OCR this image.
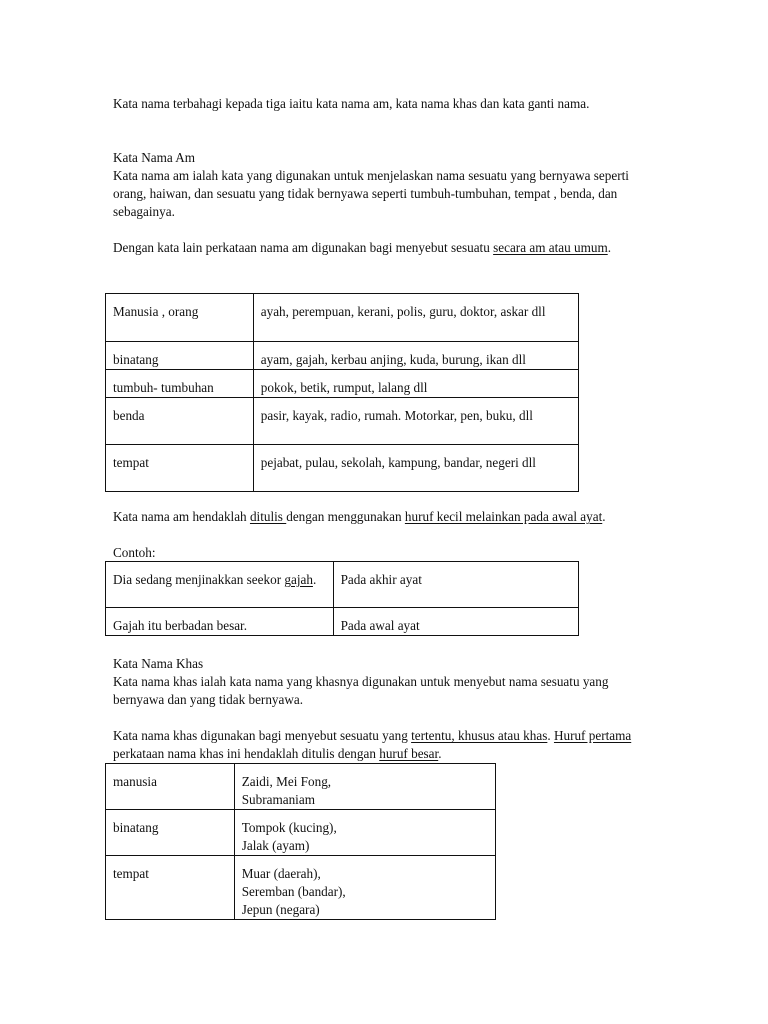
Kata nama terbahagi kepada tiga iaitu kata nama am, kata nama khas dan kata ganti nama.

Kata Nama Am

Kata nama am ialah kata yang digunakan untuk menjelaskan nama sesuatu yang bernyawa seperti orang, haiwan, dan sesuatu yang tidak bernyawa seperti tumbuh-tumbuhan, tempat , benda, dan sebagainya.

Dengan kata lain perkataan nama am digunakan bagi menyebut sesuatu secara am atau umum.

Manusia , orang	ayah, perempuan, kerani, polis, guru, doktor, askar dll
binatang	ayam, gajah, kerbau anjing, kuda, burung, ikan dll
tumbuh- tumbuhan	pokok, betik, rumput, lalang dll
benda	pasir, kayak, radio, rumah. Motorkar, pen, buku, dll
tempat	pejabat, pulau, sekolah, kampung, bandar, negeri dll

Kata nama am hendaklah ditulis dengan menggunakan huruf kecil melainkan pada awal ayat.

Contoh:

Dia sedang menjinakkan seekor gajah.	Pada akhir ayat
Gajah itu berbadan besar.	Pada awal ayat

Kata Nama Khas

Kata nama khas ialah kata nama yang khasnya digunakan untuk menyebut nama sesuatu yang bernyawa dan yang tidak bernyawa.

Kata nama khas digunakan bagi menyebut sesuatu yang tertentu, khusus atau khas. Huruf pertama perkataan nama khas ini hendaklah ditulis dengan huruf besar.

manusia	Zaidi, Mei Fong,
Subramaniam

binatang	Tompok (kucing),
Jalak (ayam)

tempat	Muar (daerah),
Seremban (bandar),
Jepun (negara)
